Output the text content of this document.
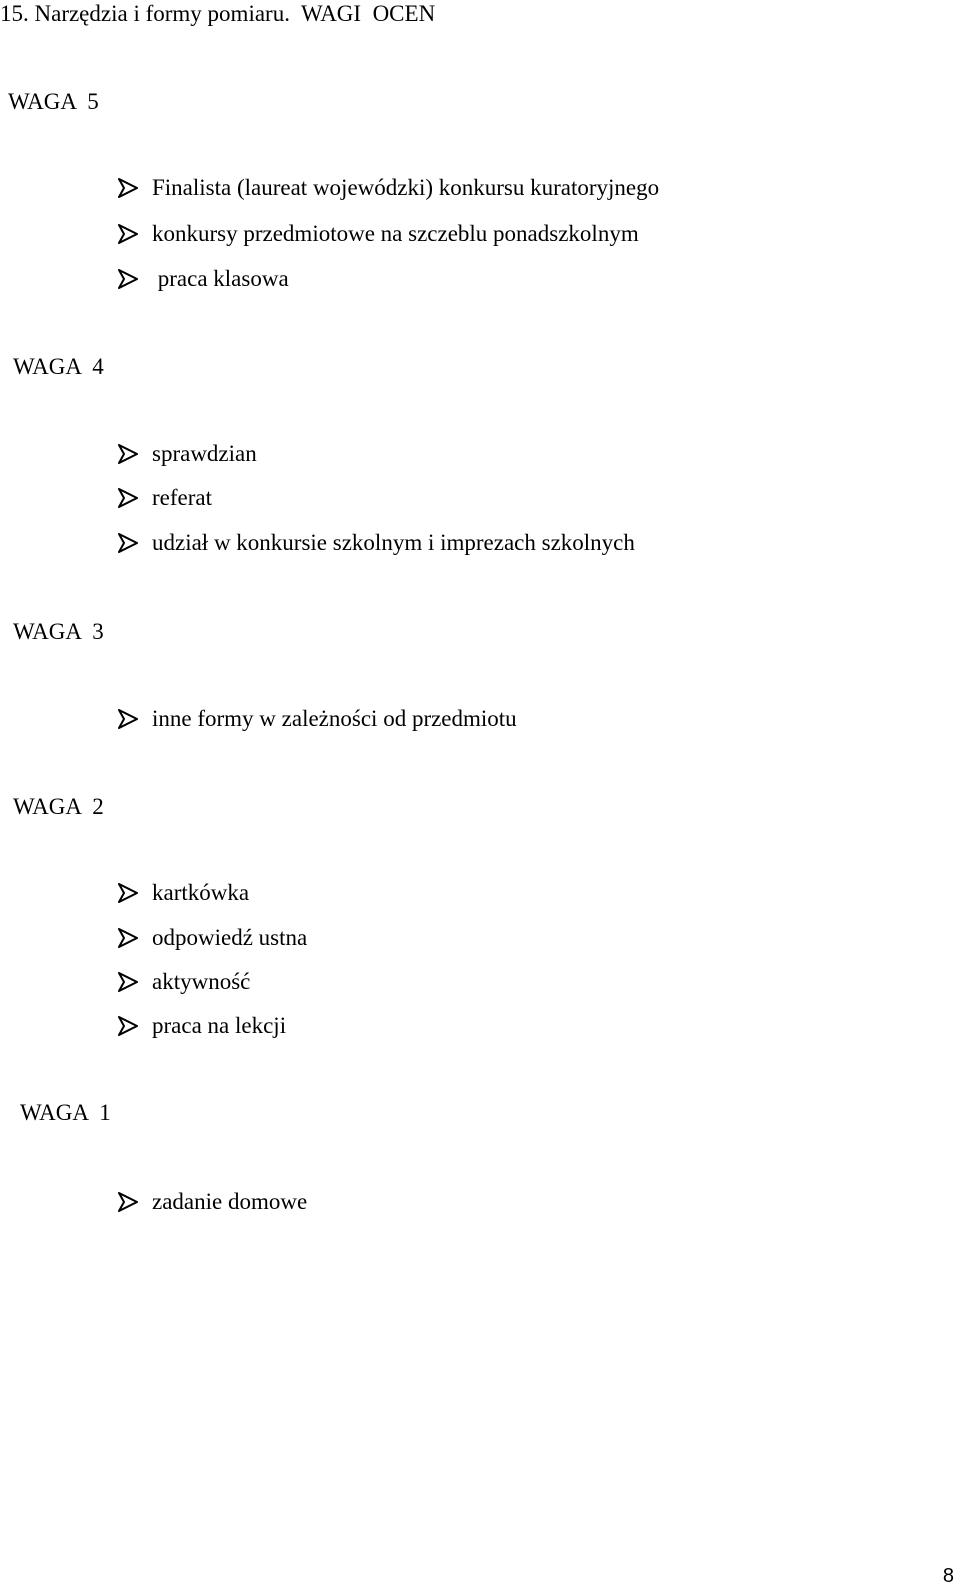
15. Narzędzia i formy pomiaru.  WAGI  OCEN
WAGA  5
Finalista (laureat wojewódzki) konkursu kuratoryjnego
konkursy przedmiotowe na szczeblu ponadszkolnym
praca klasowa
WAGA  4
sprawdzian
referat
udział w konkursie szkolnym i imprezach szkolnych
WAGA  3
inne formy w zależności od przedmiotu
WAGA  2
kartkówka
odpowiedź ustna
aktywność
praca na lekcji
WAGA  1
zadanie domowe
8
